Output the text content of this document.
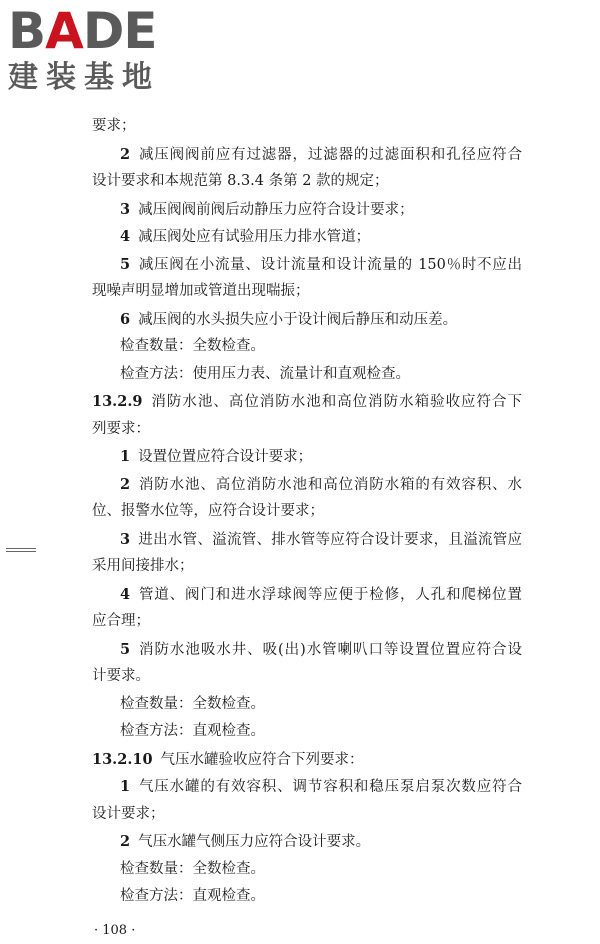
BADE
建装基地
要求；
2 减压阀阀前应有过滤器，过滤器的过滤面积和孔径应符合
设计要求和本规范第 8.3.4 条第 2 款的规定；
3 减压阀阀前阀后动静压力应符合设计要求；
4 减压阀处应有试验用压力排水管道；
5 减压阀在小流量、设计流量和设计流量的 150％时不应出
现噪声明显增加或管道出现喘振；
6 减压阀的水头损失应小于设计阀后静压和动压差。
检查数量：全数检查。
检查方法：使用压力表、流量计和直观检查。
13.2.9 消防水池、高位消防水池和高位消防水箱验收应符合下
列要求：
1 设置位置应符合设计要求；
2 消防水池、高位消防水池和高位消防水箱的有效容积、水
位、报警水位等，应符合设计要求；
3 进出水管、溢流管、排水管等应符合设计要求，且溢流管应
采用间接排水；
4 管道、阀门和进水浮球阀等应便于检修，人孔和爬梯位置
应合理；
5 消防水池吸水井、吸(出)水管喇叭口等设置位置应符合设
计要求。
检查数量：全数检查。
检查方法：直观检查。
13.2.10 气压水罐验收应符合下列要求：
1 气压水罐的有效容积、调节容积和稳压泵启泵次数应符合
设计要求；
2 气压水罐气侧压力应符合设计要求。
检查数量：全数检查。
检查方法：直观检查。
· 108 ·
